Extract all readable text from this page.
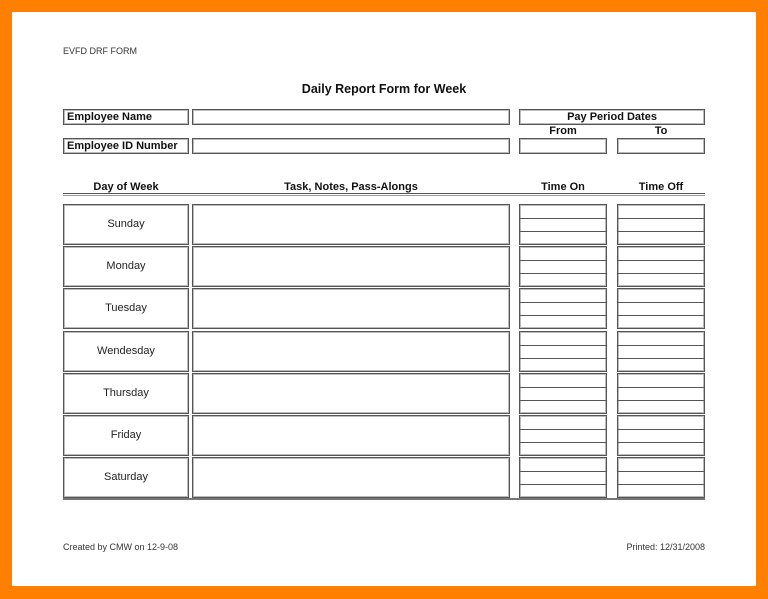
EVFD DRF FORM
Daily Report Form for Week
Employee Name
Employee ID Number
Pay Period Dates
From	To
Day of Week	Task, Notes, Pass-Alongs	Time On	Time Off
Sunday
Monday
Tuesday
Wendesday
Thursday
Friday
Saturday
Created by CMW on 12-9-08	Printed: 12/31/2008
